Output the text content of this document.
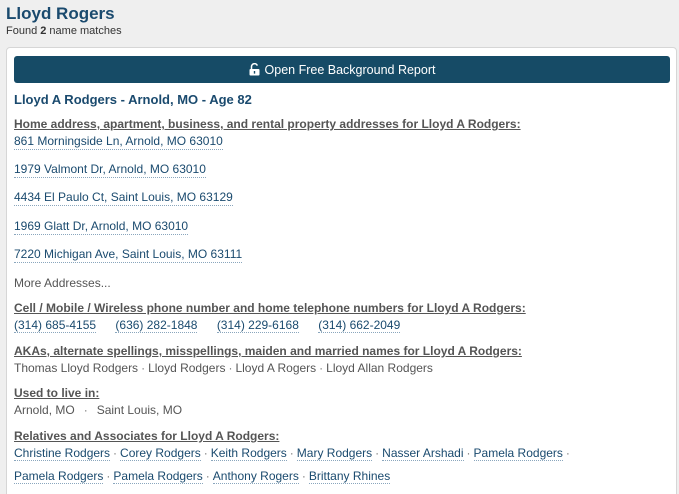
Lloyd Rogers
Found 2 name matches
Open Free Background Report
Lloyd A Rodgers - Arnold, MO - Age 82
Home address, apartment, business, and rental property addresses for Lloyd A Rodgers:
861 Morningside Ln, Arnold, MO 63010
1979 Valmont Dr, Arnold, MO 63010
4434 El Paulo Ct, Saint Louis, MO 63129
1969 Glatt Dr, Arnold, MO 63010
7220 Michigan Ave, Saint Louis, MO 63111
More Addresses...
Cell / Mobile / Wireless phone number and home telephone numbers for Lloyd A Rodgers:
(314) 685-4155 (636) 282-1848 (314) 229-6168 (314) 662-2049
AKAs, alternate spellings, misspellings, maiden and married names for Lloyd A Rodgers:
Thomas Lloyd Rodgers · Lloyd Rodgers · Lloyd A Rogers · Lloyd Allan Rodgers
Used to live in:
Arnold, MO · Saint Louis, MO
Relatives and Associates for Lloyd A Rodgers:
Christine Rodgers · Corey Rodgers · Keith Rodgers · Mary Rodgers · Nasser Arshadi · Pamela Rodgers ·
Pamela Rodgers · Pamela Rodgers · Anthony Rogers · Brittany Rhines
